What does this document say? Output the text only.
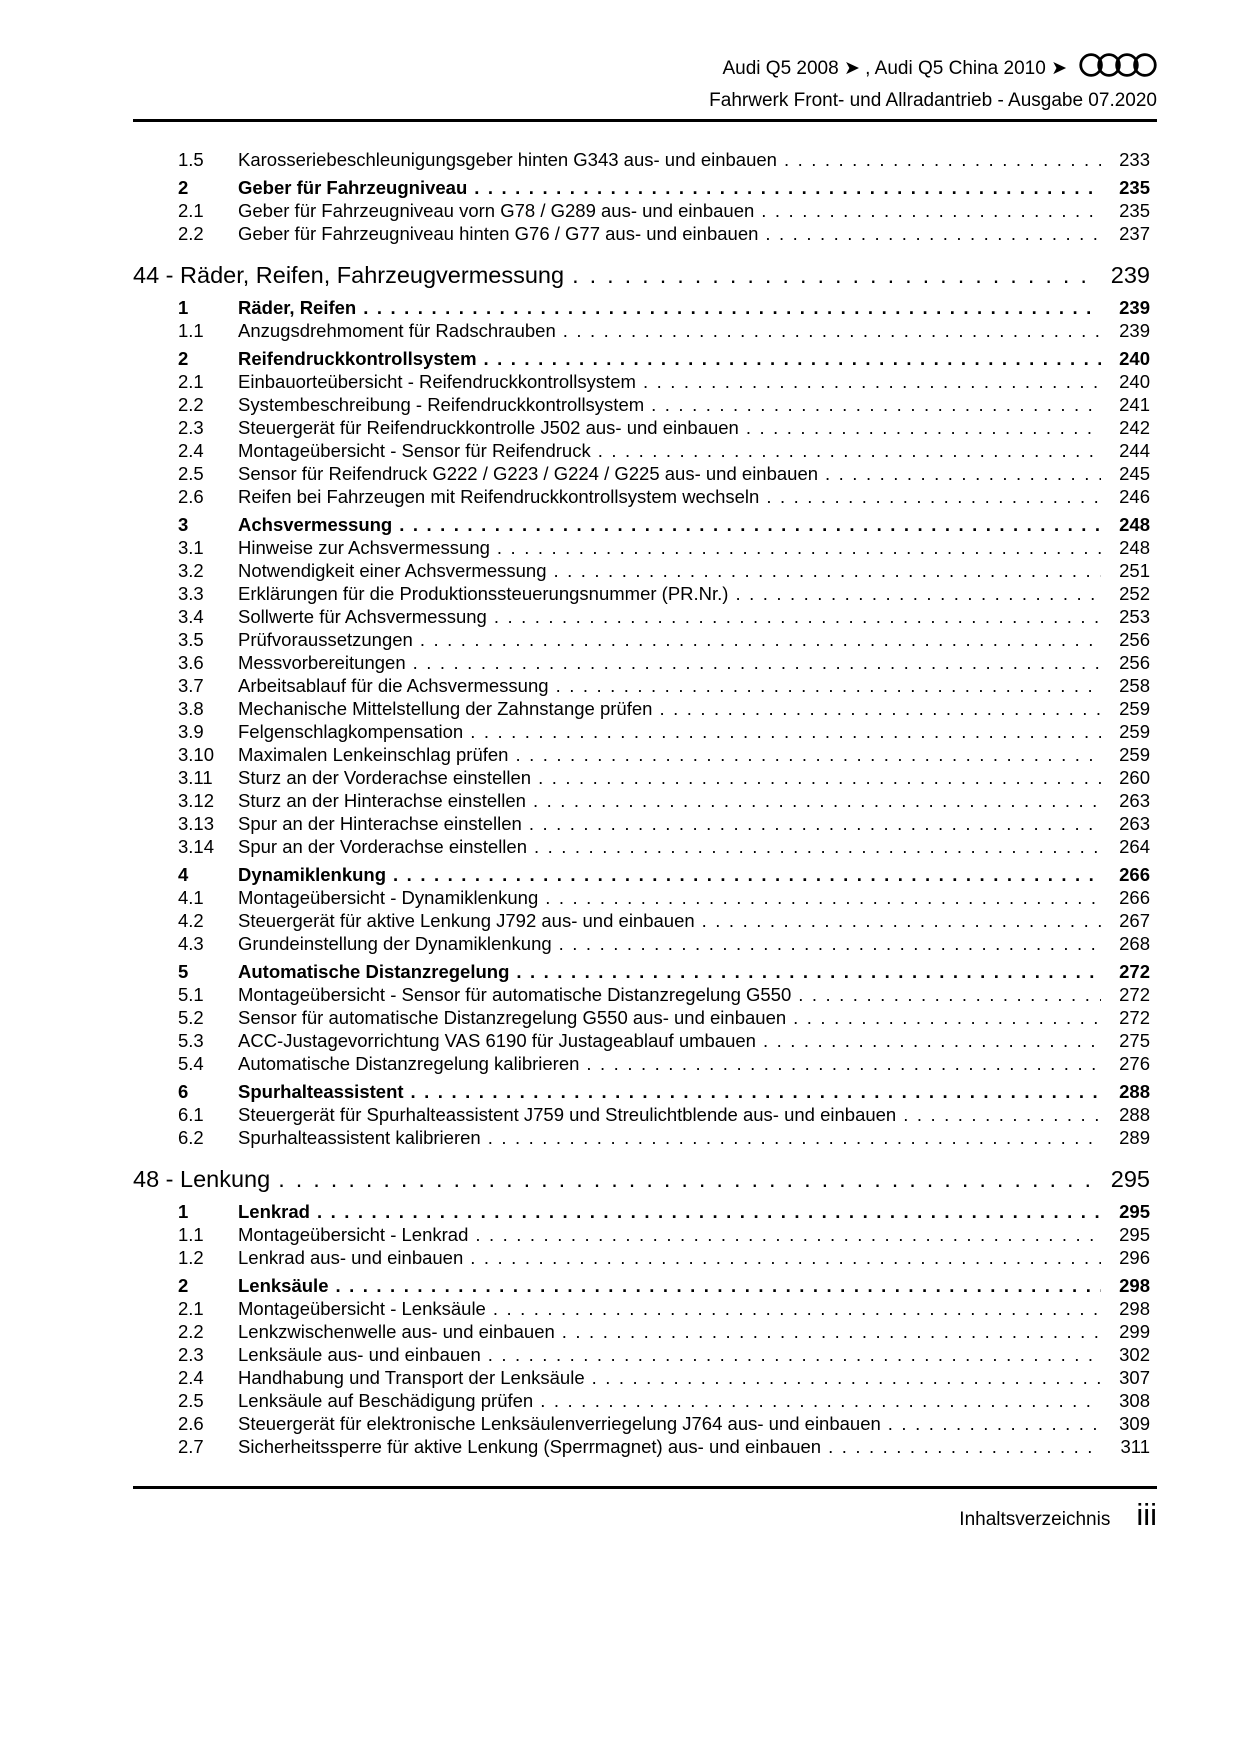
Audi Q5 2008 ➤ , Audi Q5 China 2010 ➤
Fahrwerk Front- und Allradantrieb - Ausgabe 07.2020
1.5	Karosseriebeschleunigungsgeber hinten G343 aus- und einbauen .....	233
2	Geber für Fahrzeugniveau .....	235
2.1	Geber für Fahrzeugniveau vorn G78 / G289 aus- und einbauen .....	235
2.2	Geber für Fahrzeugniveau hinten G76 / G77 aus- und einbauen .....	237
44 - Räder, Reifen, Fahrzeugvermessung .....	239
1	Räder, Reifen .....	239
1.1	Anzugsdrehmoment für Radschrauben .....	239
2	Reifendruckkontrollsystem .....	240
2.1	Einbauorteübersicht - Reifendruckkontrollsystem .....	240
2.2	Systembeschreibung - Reifendruckkontrollsystem .....	241
2.3	Steuergerät für Reifendruckkontrolle J502 aus- und einbauen .....	242
2.4	Montageübersicht - Sensor für Reifendruck .....	244
2.5	Sensor für Reifendruck G222 / G223 / G224 / G225 aus- und einbauen .....	245
2.6	Reifen bei Fahrzeugen mit Reifendruckkontrollsystem wechseln .....	246
3	Achsvermessung .....	248
3.1	Hinweise zur Achsvermessung .....	248
3.2	Notwendigkeit einer Achsvermessung .....	251
3.3	Erklärungen für die Produktionssteuerungsnummer (PR.Nr.) .....	252
3.4	Sollwerte für Achsvermessung .....	253
3.5	Prüfvoraussetzungen .....	256
3.6	Messvorbereitungen .....	256
3.7	Arbeitsablauf für die Achsvermessung .....	258
3.8	Mechanische Mittelstellung der Zahnstange prüfen .....	259
3.9	Felgenschlagkompensation .....	259
3.10	Maximalen Lenkeinschlag prüfen .....	259
3.11	Sturz an der Vorderachse einstellen .....	260
3.12	Sturz an der Hinterachse einstellen .....	263
3.13	Spur an der Hinterachse einstellen .....	263
3.14	Spur an der Vorderachse einstellen .....	264
4	Dynamiklenkung .....	266
4.1	Montageübersicht - Dynamiklenkung .....	266
4.2	Steuergerät für aktive Lenkung J792 aus- und einbauen .....	267
4.3	Grundeinstellung der Dynamiklenkung .....	268
5	Automatische Distanzregelung .....	272
5.1	Montageübersicht - Sensor für automatische Distanzregelung G550 .....	272
5.2	Sensor für automatische Distanzregelung G550 aus- und einbauen .....	272
5.3	ACC-Justagevorrichtung VAS 6190 für Justageablauf umbauen .....	275
5.4	Automatische Distanzregelung kalibrieren .....	276
6	Spurhalteassistent .....	288
6.1	Steuergerät für Spurhalteassistent J759 und Streulichtblende aus- und einbauen .....	288
6.2	Spurhalteassistent kalibrieren .....	289
48 - Lenkung .....	295
1	Lenkrad .....	295
1.1	Montageübersicht - Lenkrad .....	295
1.2	Lenkrad aus- und einbauen .....	296
2	Lenksäule .....	298
2.1	Montageübersicht - Lenksäule .....	298
2.2	Lenkzwischenwelle aus- und einbauen .....	299
2.3	Lenksäule aus- und einbauen .....	302
2.4	Handhabung und Transport der Lenksäule .....	307
2.5	Lenksäule auf Beschädigung prüfen .....	308
2.6	Steuergerät für elektronische Lenksäulenverriegelung J764 aus- und einbauen .....	309
2.7	Sicherheitssperre für aktive Lenkung (Sperrmagnet) aus- und einbauen .....	311
Inhaltsverzeichnis iii
